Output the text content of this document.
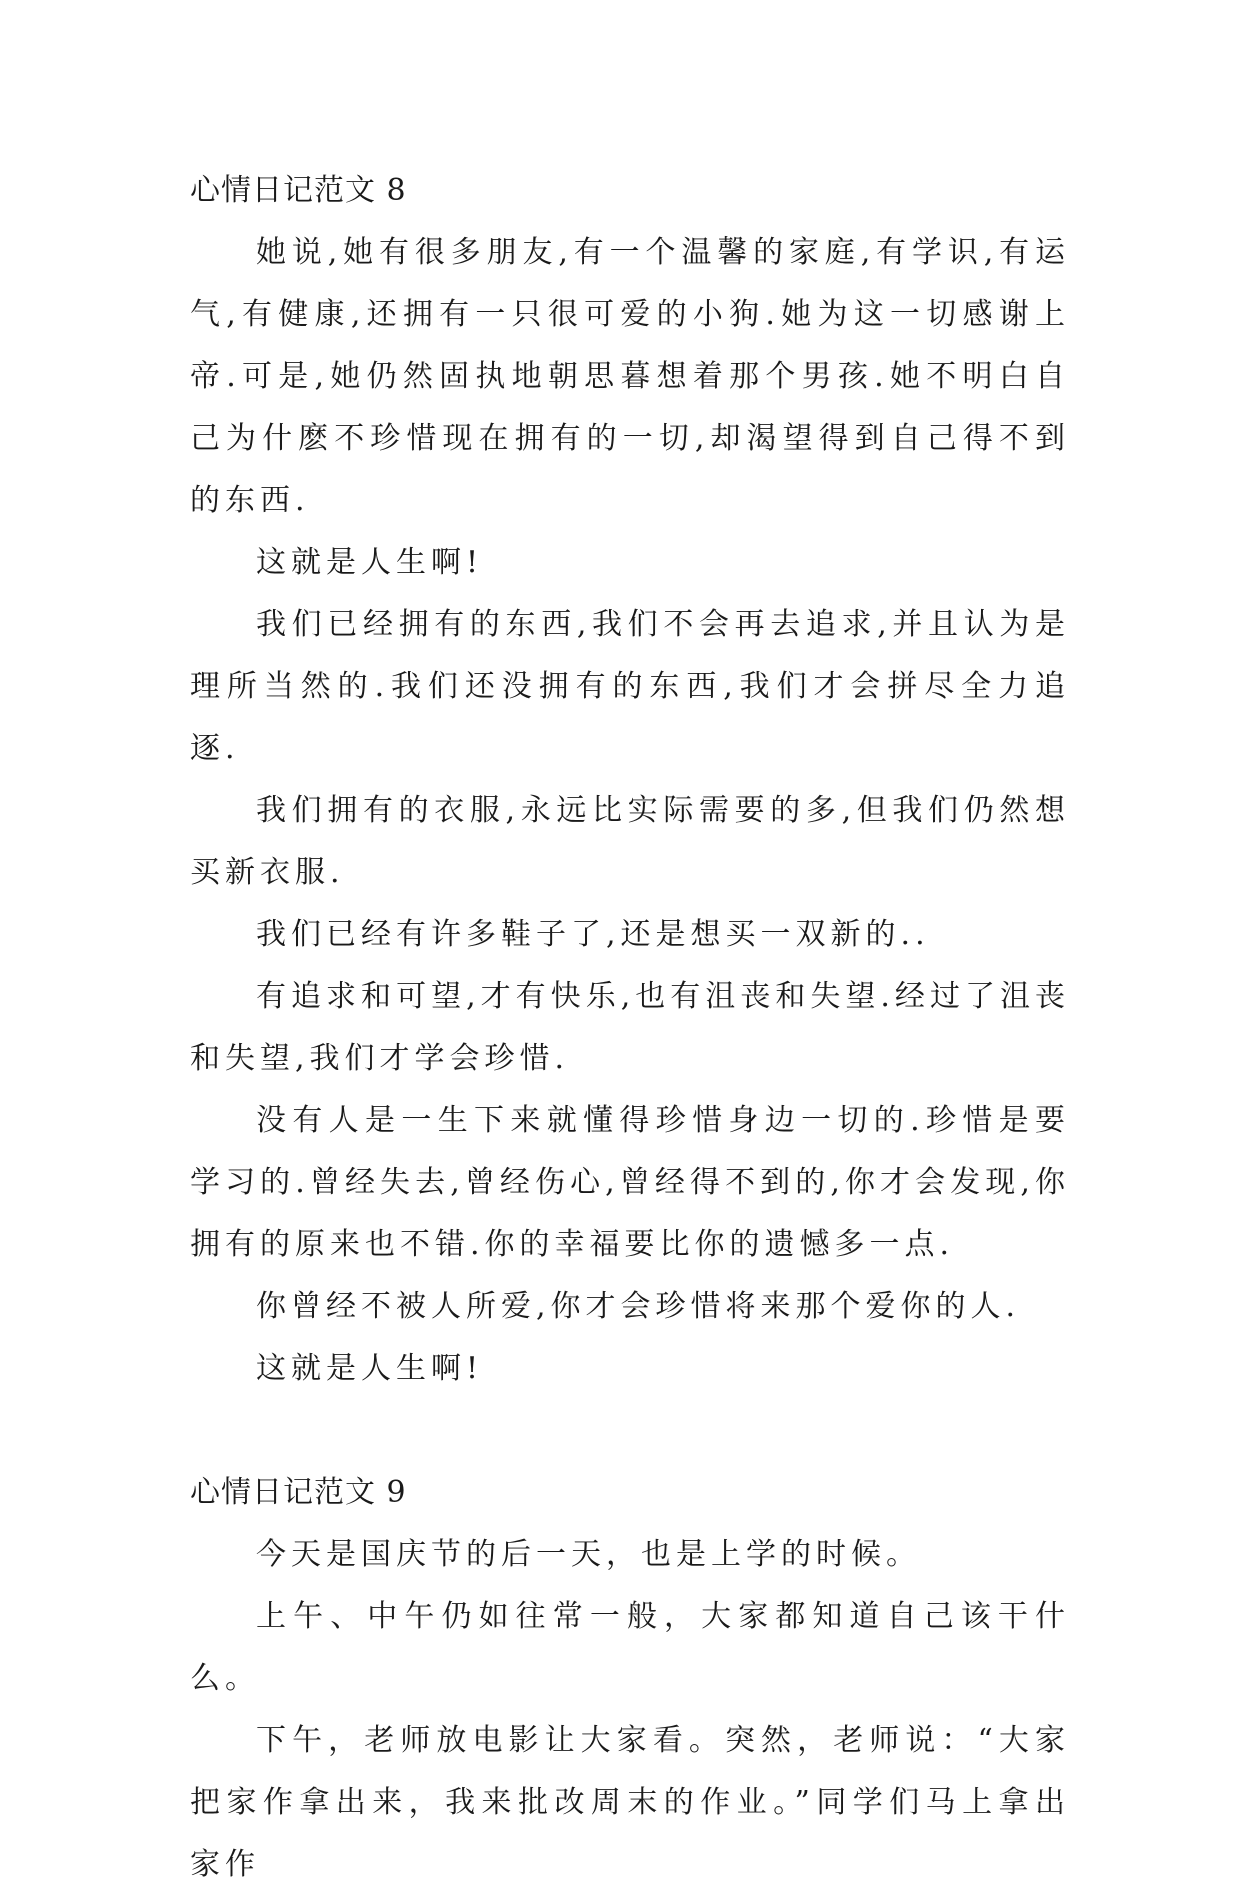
心情日记范文 8

她说,她有很多朋友,有一个温馨的家庭,有学识,有运气,有健康,还拥有一只很可爱的小狗.她为这一切感谢上帝.可是,她仍然固执地朝思暮想着那个男孩.她不明白自己为什麽不珍惜现在拥有的一切,却渴望得到自己得不到的东西.

这就是人生啊!

我们已经拥有的东西,我们不会再去追求,并且认为是理所当然的.我们还没拥有的东西,我们才会拼尽全力追逐.

我们拥有的衣服,永远比实际需要的多,但我们仍然想买新衣服.

我们已经有许多鞋子了,还是想买一双新的..

有追求和可望,才有快乐,也有沮丧和失望.经过了沮丧和失望,我们才学会珍惜.

没有人是一生下来就懂得珍惜身边一切的.珍惜是要学习的.曾经失去,曾经伤心,曾经得不到的,你才会发现,你拥有的原来也不错.你的幸福要比你的遗憾多一点.

你曾经不被人所爱,你才会珍惜将来那个爱你的人.

这就是人生啊!

心情日记范文 9

今天是国庆节的后一天，也是上学的时候。

上午、中午仍如往常一般，大家都知道自己该干什么。

下午，老师放电影让大家看。突然，老师说：“大家把家作拿出来，我来批改周末的作业。”同学们马上拿出家作
